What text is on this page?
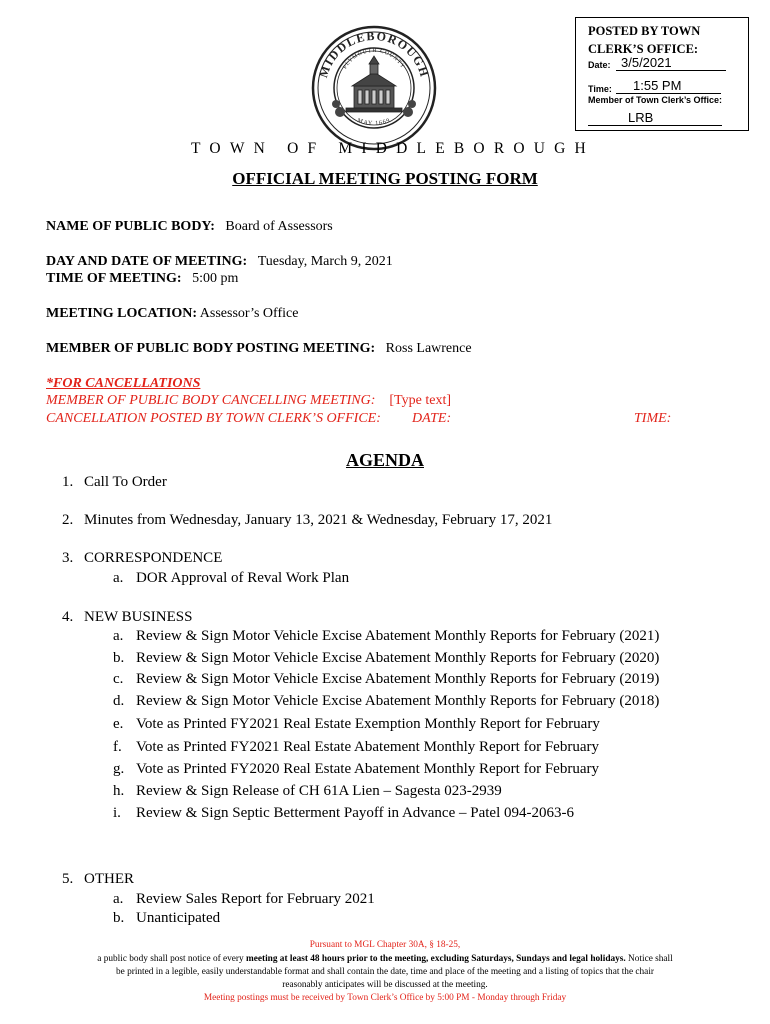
MIDDLEBOROUGH
PLYMOUTH COUNTY
MAY 1669
POSTED BY TOWN
CLERK’S OFFICE:
Date: 3/5/2021
Time:	1:55 PM
Member of Town Clerk’s Office:
LRB
TOWN OF MIDDLEBOROUGH
OFFICIAL MEETING POSTING FORM
NAME OF PUBLIC BODY: Board of Assessors
DAY AND DATE OF MEETING: Tuesday, March 9, 2021
TIME OF MEETING: 5:00 pm
MEETING LOCATION: Assessor’s Office
MEMBER OF PUBLIC BODY POSTING MEETING: Ross Lawrence
*FOR CANCELLATIONS
MEMBER OF PUBLIC BODY CANCELLING MEETING: [Type text]
CANCELLATION POSTED BY TOWN CLERK’S OFFICE: DATE:	TIME:
AGENDA
1. Call To Order
2. Minutes from Wednesday, January 13, 2021 & Wednesday, February 17, 2021
3. CORRESPONDENCE
a. DOR Approval of Reval Work Plan
4. NEW BUSINESS
a. Review & Sign Motor Vehicle Excise Abatement Monthly Reports for February (2021)
b. Review & Sign Motor Vehicle Excise Abatement Monthly Reports for February (2020)
c. Review & Sign Motor Vehicle Excise Abatement Monthly Reports for February (2019)
d. Review & Sign Motor Vehicle Excise Abatement Monthly Reports for February (2018)
e. Vote as Printed FY2021 Real Estate Exemption Monthly Report for February
f. Vote as Printed FY2021 Real Estate Abatement Monthly Report for February
g. Vote as Printed FY2020 Real Estate Abatement Monthly Report for February
h. Review & Sign Release of CH 61A Lien – Sagesta 023-2939
i. Review & Sign Septic Betterment Payoff in Advance – Patel 094-2063-6
5. OTHER
a. Review Sales Report for February 2021
b. Unanticipated
Pursuant to MGL Chapter 30A, § 18-25,
a public body shall post notice of every meeting at least 48 hours prior to the meeting, excluding Saturdays, Sundays and legal holidays. Notice shall
be printed in a legible, easily understandable format and shall contain the date, time and place of the meeting and a listing of topics that the chair
reasonably anticipates will be discussed at the meeting.
Meeting postings must be received by Town Clerk’s Office by 5:00 PM - Monday through Friday
